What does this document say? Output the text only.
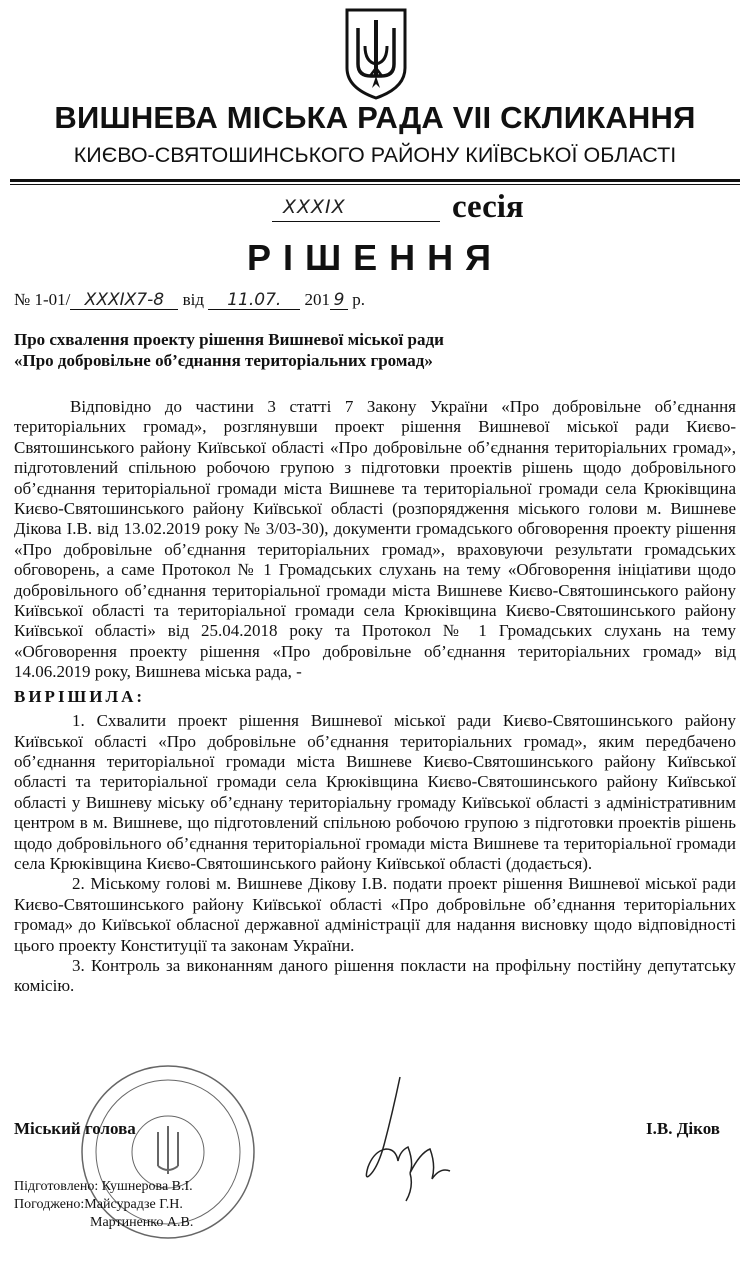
ВИШНЕВА МІСЬКА РАДА VII СКЛИКАННЯ
КИЄВО-СВЯТОШИНСЬКОГО РАЙОНУ КИЇВСЬКОЇ ОБЛАСТІ
XXXIX	сесія
РІШЕННЯ
№ 1-01/ XXXIX7-8 від 11.07. 201 9 р.
Про схвалення проекту рішення Вишневої міської ради
«Про добровільне об’єднання територіальних громад»

Відповідно до частини 3 статті 7 Закону України «Про добровільне об’єднання територіальних громад», розглянувши проект рішення Вишневої міської ради Києво-Святошинського району Київської області «Про добровільне об’єднання територіальних громад», підготовлений спільною робочою групою з підготовки проектів рішень щодо добровільного об’єднання територіальної громади міста Вишневе та територіальної громади села Крюківщина Києво-Святошинського району Київської області (розпорядження міського голови м. Вишневе Дікова І.В. від 13.02.2019 року № 3/03-30), документи громадського обговорення проекту рішення «Про добровільне об’єднання територіальних громад», враховуючи результати громадських обговорень, а саме Протокол № 1 Громадських слухань на тему «Обговорення ініціативи щодо добровільного об’єднання територіальної громади міста Вишневе Києво-Святошинського району Київської області та територіальної громади села Крюківщина Києво-Святошинського району Київської області» від 25.04.2018 року та Протокол № 1 Громадських слухань на тему «Обговорення проекту рішення «Про добровільне об’єднання територіальних громад» від 14.06.2019 року, Вишнева міська рада, -

ВИРІШИЛА:

1. Схвалити проект рішення Вишневої міської ради Києво-Святошинського району Київської області «Про добровільне об’єднання територіальних громад», яким передбачено об’єднання територіальної громади міста Вишневе Києво-Святошинського району Київської області та територіальної громади села Крюківщина Києво-Святошинського району Київської області у Вишневу міську об’єднану територіальну громаду Київської області з адміністративним центром в м. Вишневе, що підготовлений спільною робочою групою з підготовки проектів рішень щодо добровільного об’єднання територіальної громади міста Вишневе та територіальної громади села Крюківщина Києво-Святошинського району Київської області (додається).

2. Міському голові м. Вишневе Дікову І.В. подати проект рішення Вишневої міської ради Києво-Святошинського району Київської області «Про добровільне об’єднання територіальних громад» до Київської обласної державної адміністрації для надання висновку щодо відповідності цього проекту Конституції та законам України.

3. Контроль за виконанням даного рішення покласти на профільну постійну депутатську комісію.

Міський голова	І.В. Діков
Підготовлено: Кушнерова В.І.
Погоджено:Майсурадзе Г.Н.
Мартиненко А.В.
